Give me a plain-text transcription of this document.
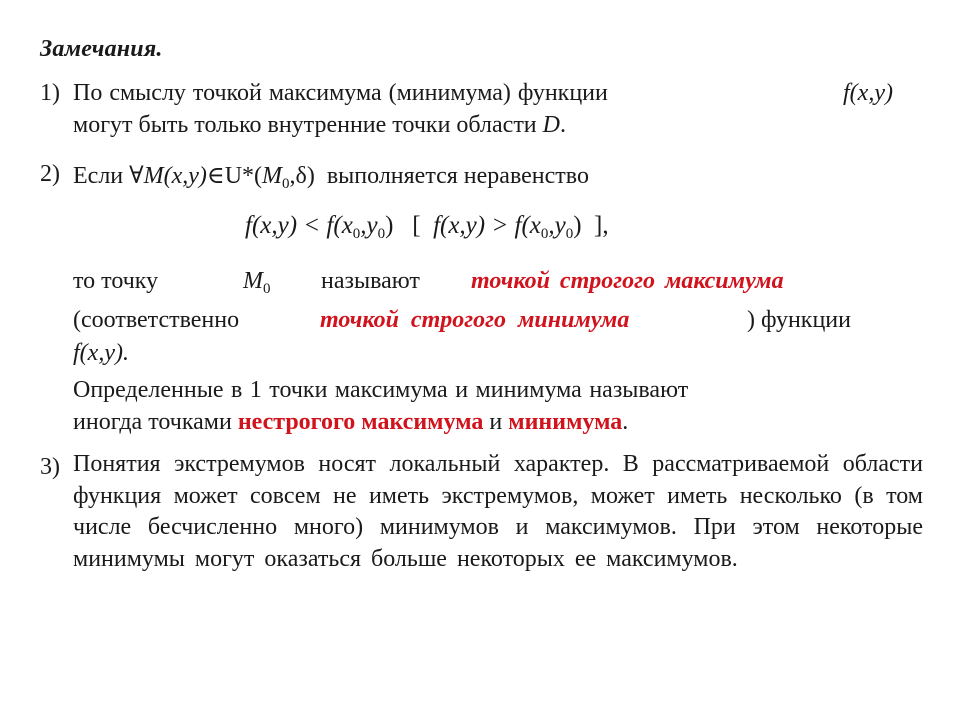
Замечания.
1) По смыслу точкой максимума (минимума) функции	f(x,y)
могут быть только внутренние точки области D.
2) Если $\forall M(x,y)\in U*(M_0,\delta)$ выполняется неравенство
$f(x,y) < f(x_0,y_0)$ [ $f(x,y) > f(x_0,y_0)$ ],
то точку	$M_0$ называют точкой строгого максимума
(соответственно	точкой строгого минимума	) функции
f(x,y).
Определенные в 1 точки максимума и минимума называют
иногда точками нестрогого максимума и минимума.
3) Понятия экстремумов носят локальный характер. В рассматриваемой области функция может совсем не иметь экстремумов, может иметь несколько (в том числе бесчисленно много) минимумов и максимумов. При этом некоторые минимумы могут оказаться больше некоторых ее максимумов.
